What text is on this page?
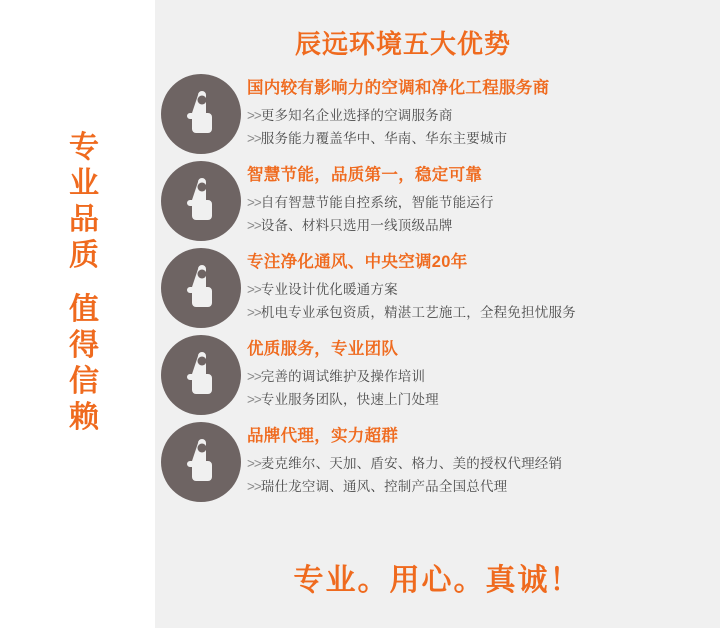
专
业
品
质
值
得
信
赖
辰远环境五大优势
国内较有影响力的空调和净化工程服务商
>>更多知名企业选择的空调服务商
>>服务能力覆盖华中、华南、华东主要城市
智慧节能，品质第一，稳定可靠
>>自有智慧节能自控系统，智能节能运行
>>设备、材料只选用一线顶级品牌
专注净化通风、中央空调20年
>>专业设计优化暖通方案
>>机电专业承包资质，精湛工艺施工，全程免担忧服务
优质服务，专业团队
>>完善的调试维护及操作培训
>>专业服务团队，快速上门处理
品牌代理，实力超群
>>麦克维尔、天加、盾安、格力、美的授权代理经销
>>瑞仕龙空调、通风、控制产品全国总代理
专业。用心。真诚！
